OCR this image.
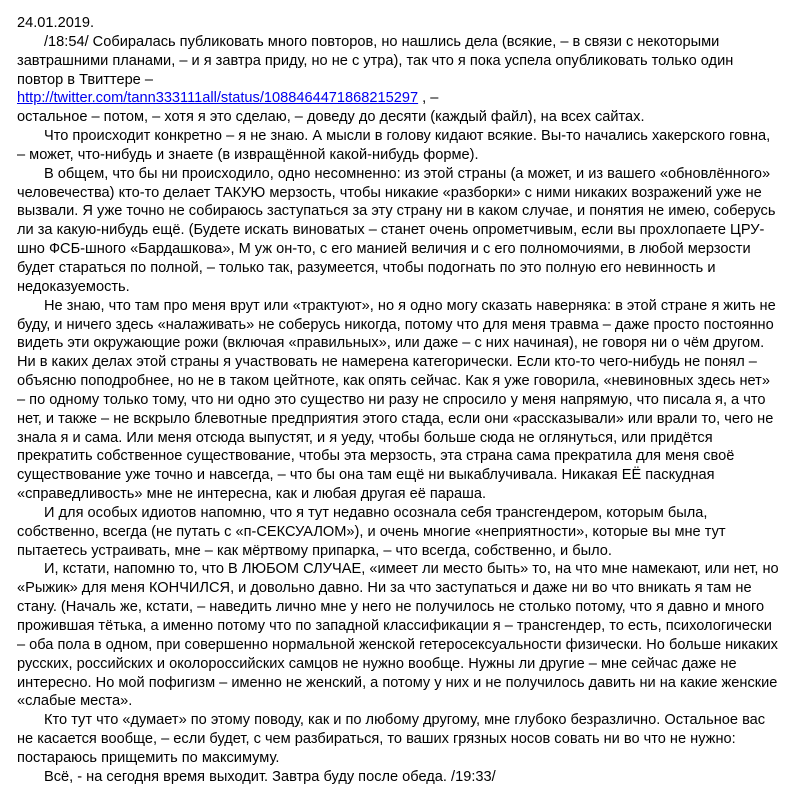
24.01.2019.

/18:54/ Собиралась публиковать много повторов, но нашлись дела (всякие, – в связи с некоторыми завтрашними планами, – и я завтра приду, но не с утра), так что я пока успела опубликовать только один повтор в Твиттере –

http://twitter.com/tann333111all/status/1088464471868215297 , –

остальное – потом, – хотя я это сделаю, – доведу до десяти (каждый файл), на всех сайтах.

Что происходит конкретно – я не знаю. А мысли в голову кидают всякие. Вы-то начались хакерского говна, – может, что-нибудь и знаете (в извращённой какой-нибудь форме).

В общем, что бы ни происходило, одно несомненно: из этой страны (а может, и из вашего «обновлённого» человечества) кто-то делает ТАКУЮ мерзость, чтобы никакие «разборки» с ними никаких возражений уже не вызвали. Я уже точно не собираюсь заступаться за эту страну ни в каком случае, и понятия не имею, соберусь ли за какую-нибудь ещё. (Будете искать виноватых – станет очень опрометчивым, если вы прохлопаете ЦРУ-шно ФСБ-шного «Бардашкова», М уж он-то, с его манией величия и с его полномочиями, в любой мерзости будет стараться по полной, – только так, разумеется, чтобы подогнать по это полную его невинность и недоказуемость.

Не знаю, что там про меня врут или «трактуют», но я одно могу сказать наверняка: в этой стране я жить не буду, и ничего здесь «налаживать» не соберусь никогда, потому что для меня травма – даже просто постоянно видеть эти окружающие рожи (включая «правильных», или даже – с них начиная), не говоря ни о чём другом. Ни в каких делах этой страны я участвовать не намерена категорически. Если кто-то чего-нибудь не понял – объясню поподробнее, но не в таком цейтноте, как опять сейчас. Как я уже говорила, «невиновных здесь нет» – по одному только тому, что ни одно это существо ни разу не спросило у меня напрямую, что писала я, а что нет, и также – не вскрыло блевотные предприятия этого стада, если они «рассказывали» или врали то, чего не знала я и сама. Или меня отсюда выпустят, и я уеду, чтобы больше сюда не оглянуться, или придётся прекратить собственное существование, чтобы эта мерзость, эта страна сама прекратила для меня своё существование уже точно и навсегда, – что бы она там ещё ни выкаблучивала. Никакая ЕЁ паскудная «справедливость» мне не интересна, как и любая другая её параша.

И для особых идиотов напомню, что я тут недавно осознала себя трансгендером, которым была, собственно, всегда (не путать с «п-СЕКСУАЛОМ»), и очень многие «неприятности», которые вы мне тут пытаетесь устраивать, мне – как мёртвому припарка, – что всегда, собственно, и было.

И, кстати, напомню то, что В ЛЮБОМ СЛУЧАЕ, «имеет ли место быть» то, на что мне намекают, или нет, но «Рыжик» для меня КОНЧИЛСЯ, и довольно давно. Ни за что заступаться и даже ни во что вникать я там не стану. (Началь же, кстати, – наведить лично мне у него не получилось не столько потому, что я давно и много прожившая тётька, а именно потому что по западной классификации я – трансгендер, то есть, психологически – оба пола в одном, при совершенно нормальной женской гетеросексуальности физически. Но больше никаких русских, российских и околороссийских самцов не нужно вообще. Нужны ли другие – мне сейчас даже не интересно. Но мой пофигизм – именно не женский, а потому у них и не получилось давить ни на какие женские «слабые места».

Кто тут что «думает» по этому поводу, как и по любому другому, мне глубоко безразлично. Остальное вас не касается вообще, – если будет, с чем разбираться, то ваших грязных носов совать ни во что не нужно: постараюсь прищемить по максимуму.

Всё, - на сегодня время выходит. Завтра буду после обеда. /19:33/
